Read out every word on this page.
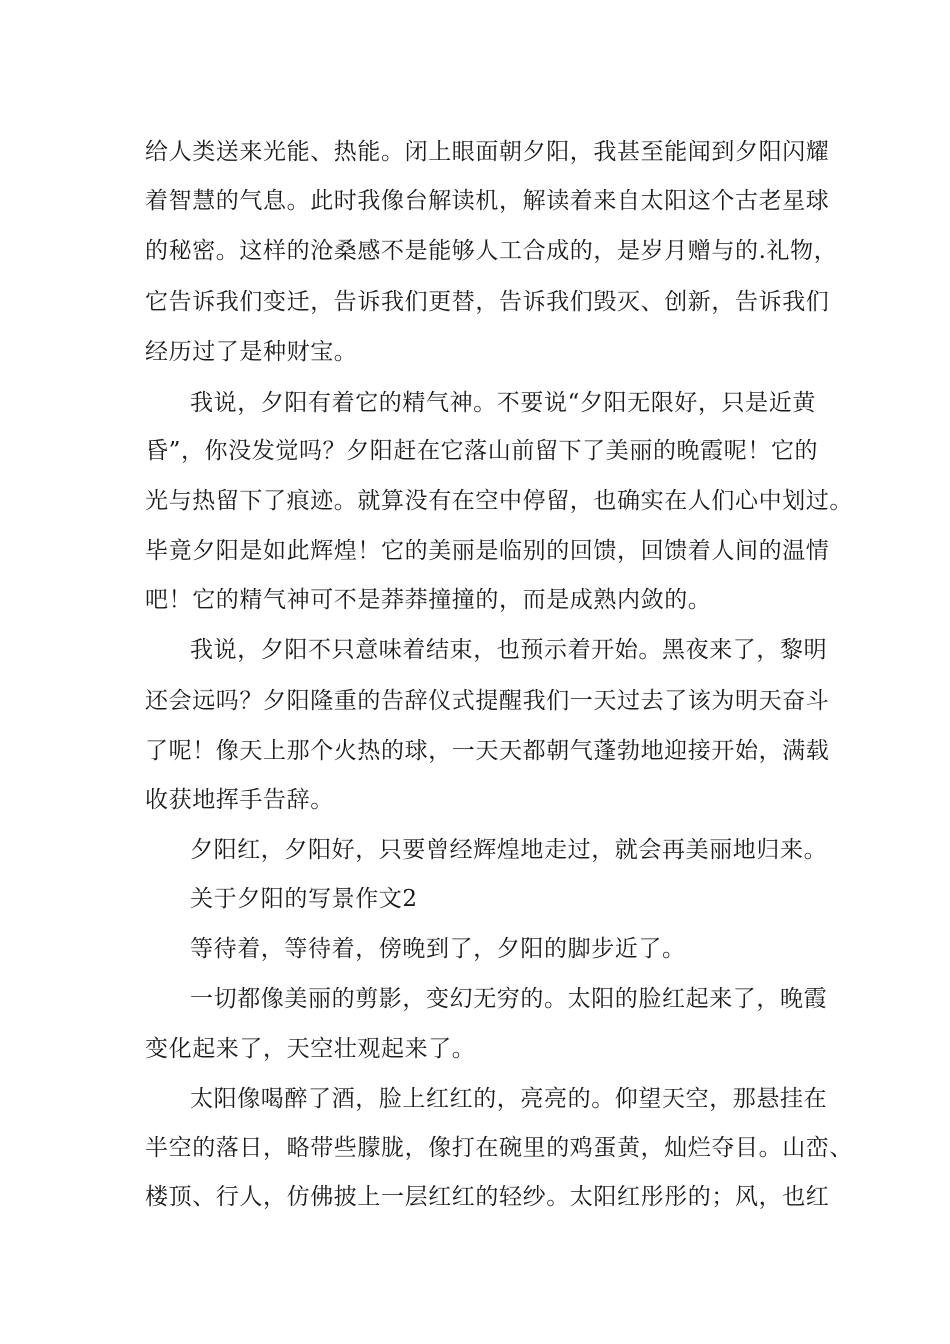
给人类送来光能、热能。闭上眼面朝夕阳，我甚至能闻到夕阳闪耀
着智慧的气息。此时我像台解读机，解读着来自太阳这个古老星球
的秘密。这样的沧桑感不是能够人工合成的，是岁月赠与的.礼物，
它告诉我们变迁，告诉我们更替，告诉我们毁灭、创新，告诉我们
经历过了是种财宝。
我说，夕阳有着它的精气神。不要说“夕阳无限好，只是近黄
昏”，你没发觉吗？夕阳赶在它落山前留下了美丽的晚霞呢！它的
光与热留下了痕迹。就算没有在空中停留，也确实在人们心中划过。
毕竟夕阳是如此辉煌！它的美丽是临别的回馈，回馈着人间的温情
吧！它的精气神可不是莽莽撞撞的，而是成熟内敛的。
我说，夕阳不只意味着结束，也预示着开始。黑夜来了，黎明
还会远吗？夕阳隆重的告辞仪式提醒我们一天过去了该为明天奋斗
了呢！像天上那个火热的球，一天天都朝气蓬勃地迎接开始，满载
收获地挥手告辞。
夕阳红，夕阳好，只要曾经辉煌地走过，就会再美丽地归来。
关于夕阳的写景作文2
等待着，等待着，傍晚到了，夕阳的脚步近了。
一切都像美丽的剪影，变幻无穷的。太阳的脸红起来了，晚霞
变化起来了，天空壮观起来了。
太阳像喝醉了酒，脸上红红的，亮亮的。仰望天空，那悬挂在
半空的落日，略带些朦胧，像打在碗里的鸡蛋黄，灿烂夺目。山峦、
楼顶、行人，仿佛披上一层红红的轻纱。太阳红彤彤的；风，也红
